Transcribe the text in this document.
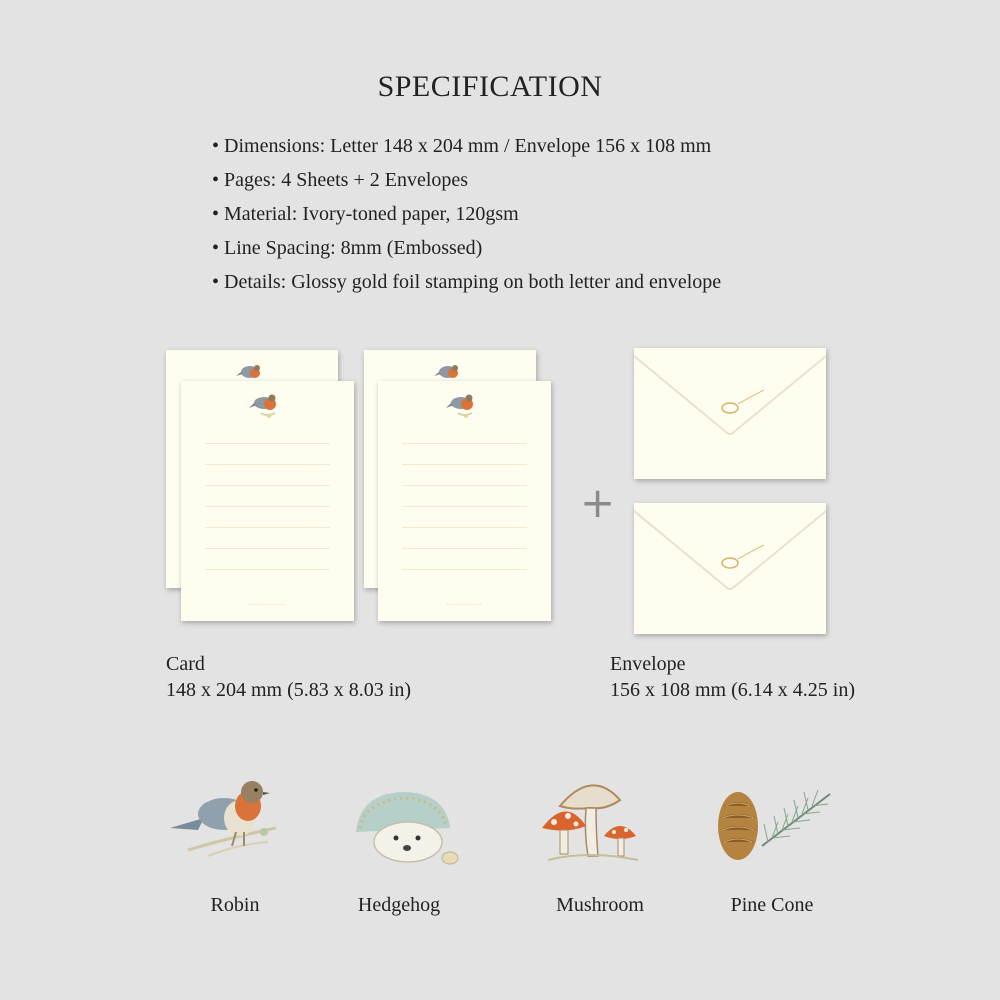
SPECIFICATION
• Dimensions: Letter 148 x 204 mm / Envelope 156 x 108 mm
• Pages: 4 Sheets + 2 Envelopes
• Material: Ivory-toned paper, 120gsm
• Line Spacing: 8mm (Embossed)
• Details: Glossy gold foil stamping on both letter and envelope
~~~~~~~~~~	~~~~~~~~~~
+
Card
148 x 204 mm (5.83 x 8.03 in)
Envelope
156 x 108 mm (6.14 x 4.25 in)
Robin	Hedgehog	Mushroom	Pine Cone
